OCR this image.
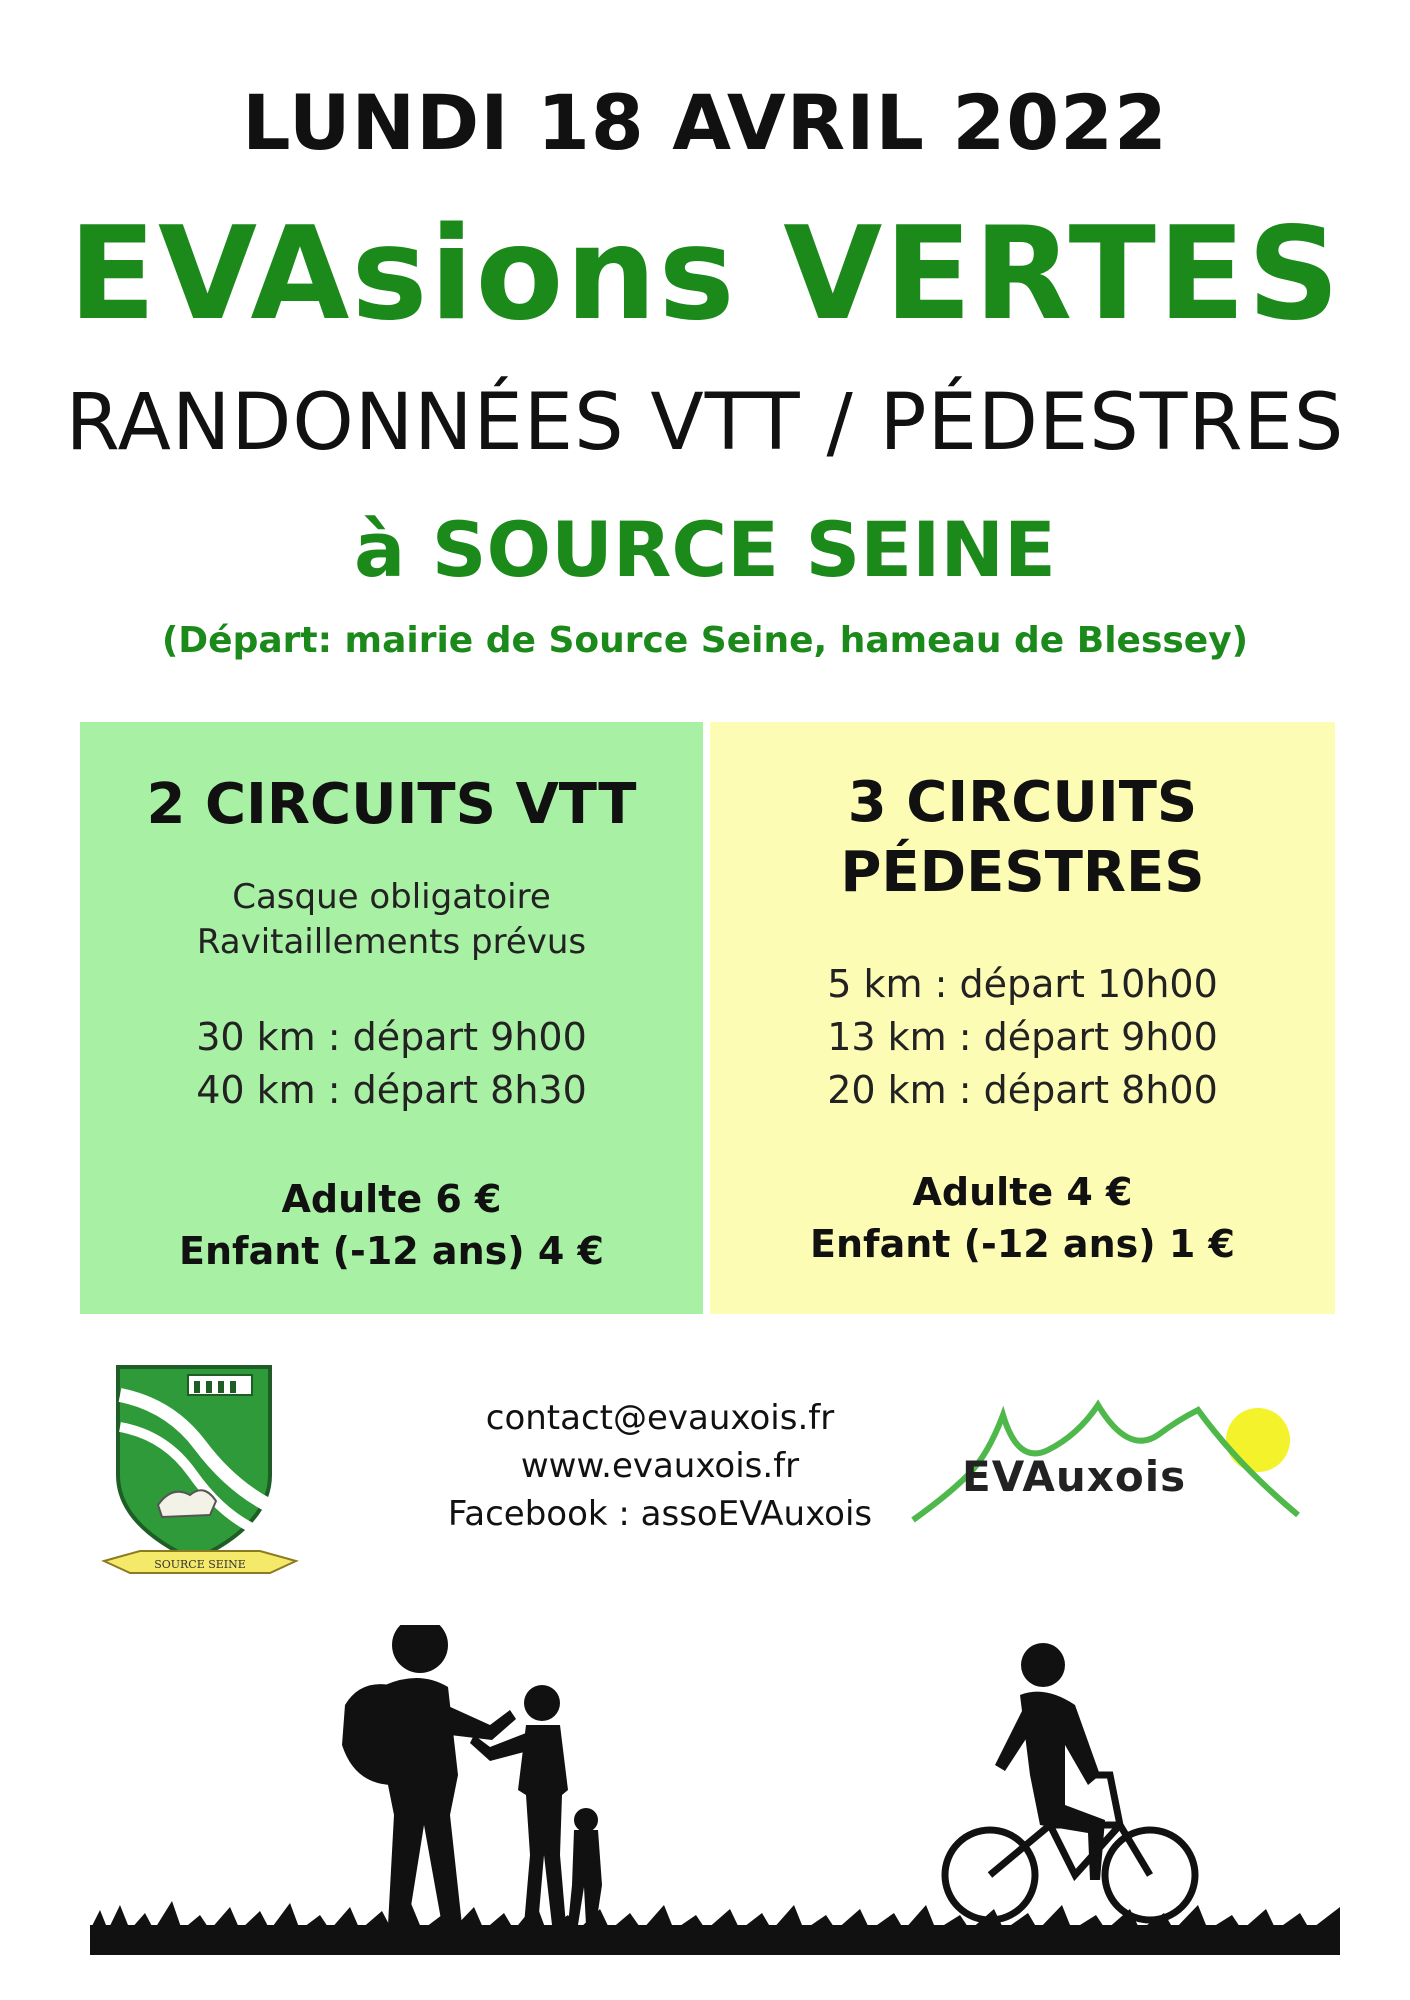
LUNDI 18 AVRIL 2022
EVAsions VERTES
RANDONNÉES VTT / PÉDESTRES
à SOURCE SEINE
(Départ: mairie de Source Seine, hameau de Blessey)
2 CIRCUITS VTT
Casque obligatoire
Ravitaillements prévus
30 km : départ 9h00
40 km : départ 8h30
Adulte 6 €
Enfant (-12 ans) 4 €
3 CIRCUITS
PÉDESTRES
5 km : départ 10h00
13 km : départ 9h00
20 km : départ 8h00
Adulte 4 €
Enfant (-12 ans) 1 €
SOURCE SEINE
contact@evauxois.fr
www.evauxois.fr
Facebook : assoEVAuxois
EVAuxois
